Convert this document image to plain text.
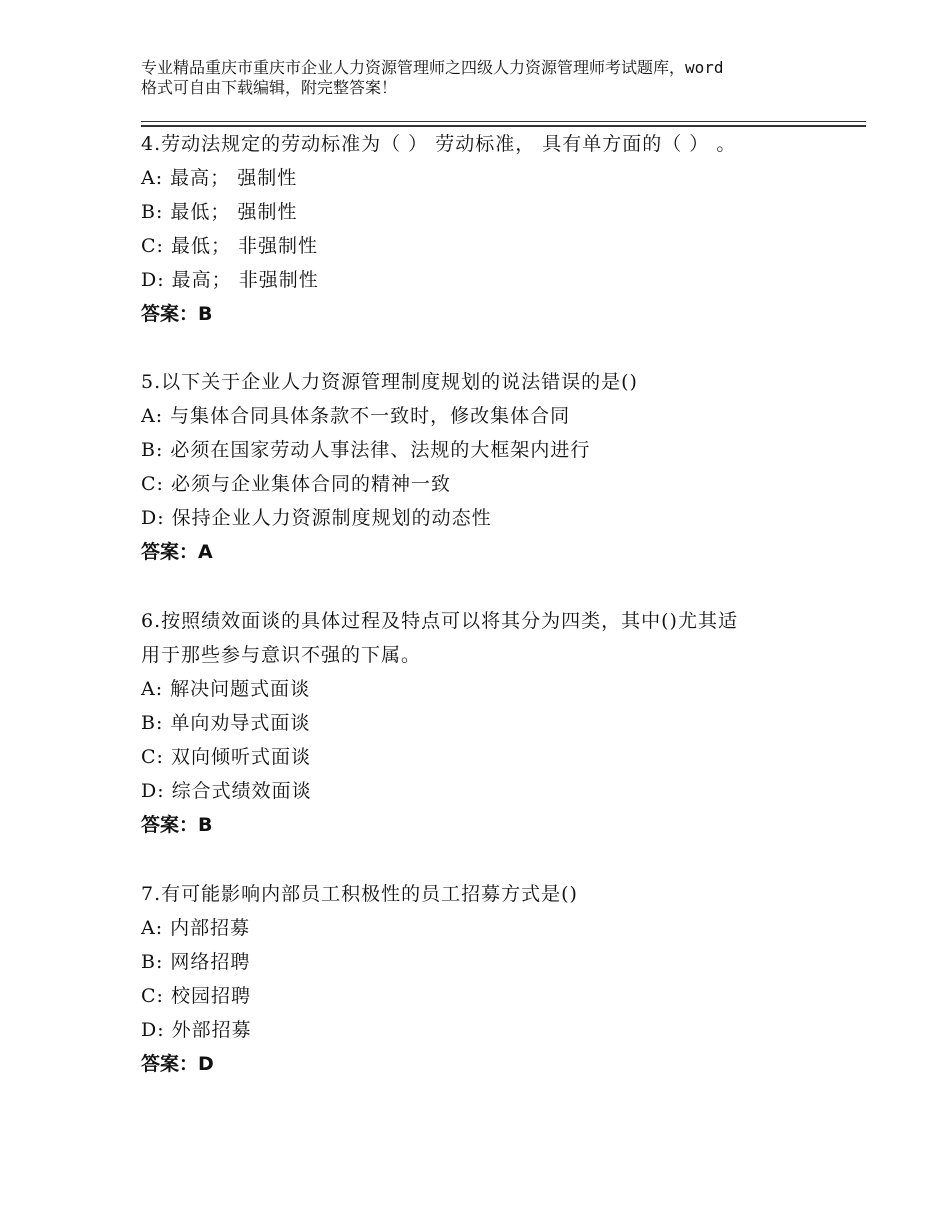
专业精品重庆市重庆市企业人力资源管理师之四级人力资源管理师考试题库，word
格式可自由下载编辑，附完整答案！

4.劳动法规定的劳动标准为（ ） 劳动标准， 具有单方面的（ ） 。

A: 最高； 强制性

B: 最低； 强制性

C: 最低； 非强制性

D: 最高； 非强制性

答案：B

5.以下关于企业人力资源管理制度规划的说法错误的是()

A: 与集体合同具体条款不一致时，修改集体合同

B: 必须在国家劳动人事法律、法规的大框架内进行

C: 必须与企业集体合同的精神一致

D: 保持企业人力资源制度规划的动态性

答案：A

6.按照绩效面谈的具体过程及特点可以将其分为四类，其中()尤其适

用于那些参与意识不强的下属。

A: 解决问题式面谈

B: 单向劝导式面谈

C: 双向倾听式面谈

D: 综合式绩效面谈

答案：B

7.有可能影响内部员工积极性的员工招募方式是()

A: 内部招募

B: 网络招聘

C: 校园招聘

D: 外部招募

答案：D
